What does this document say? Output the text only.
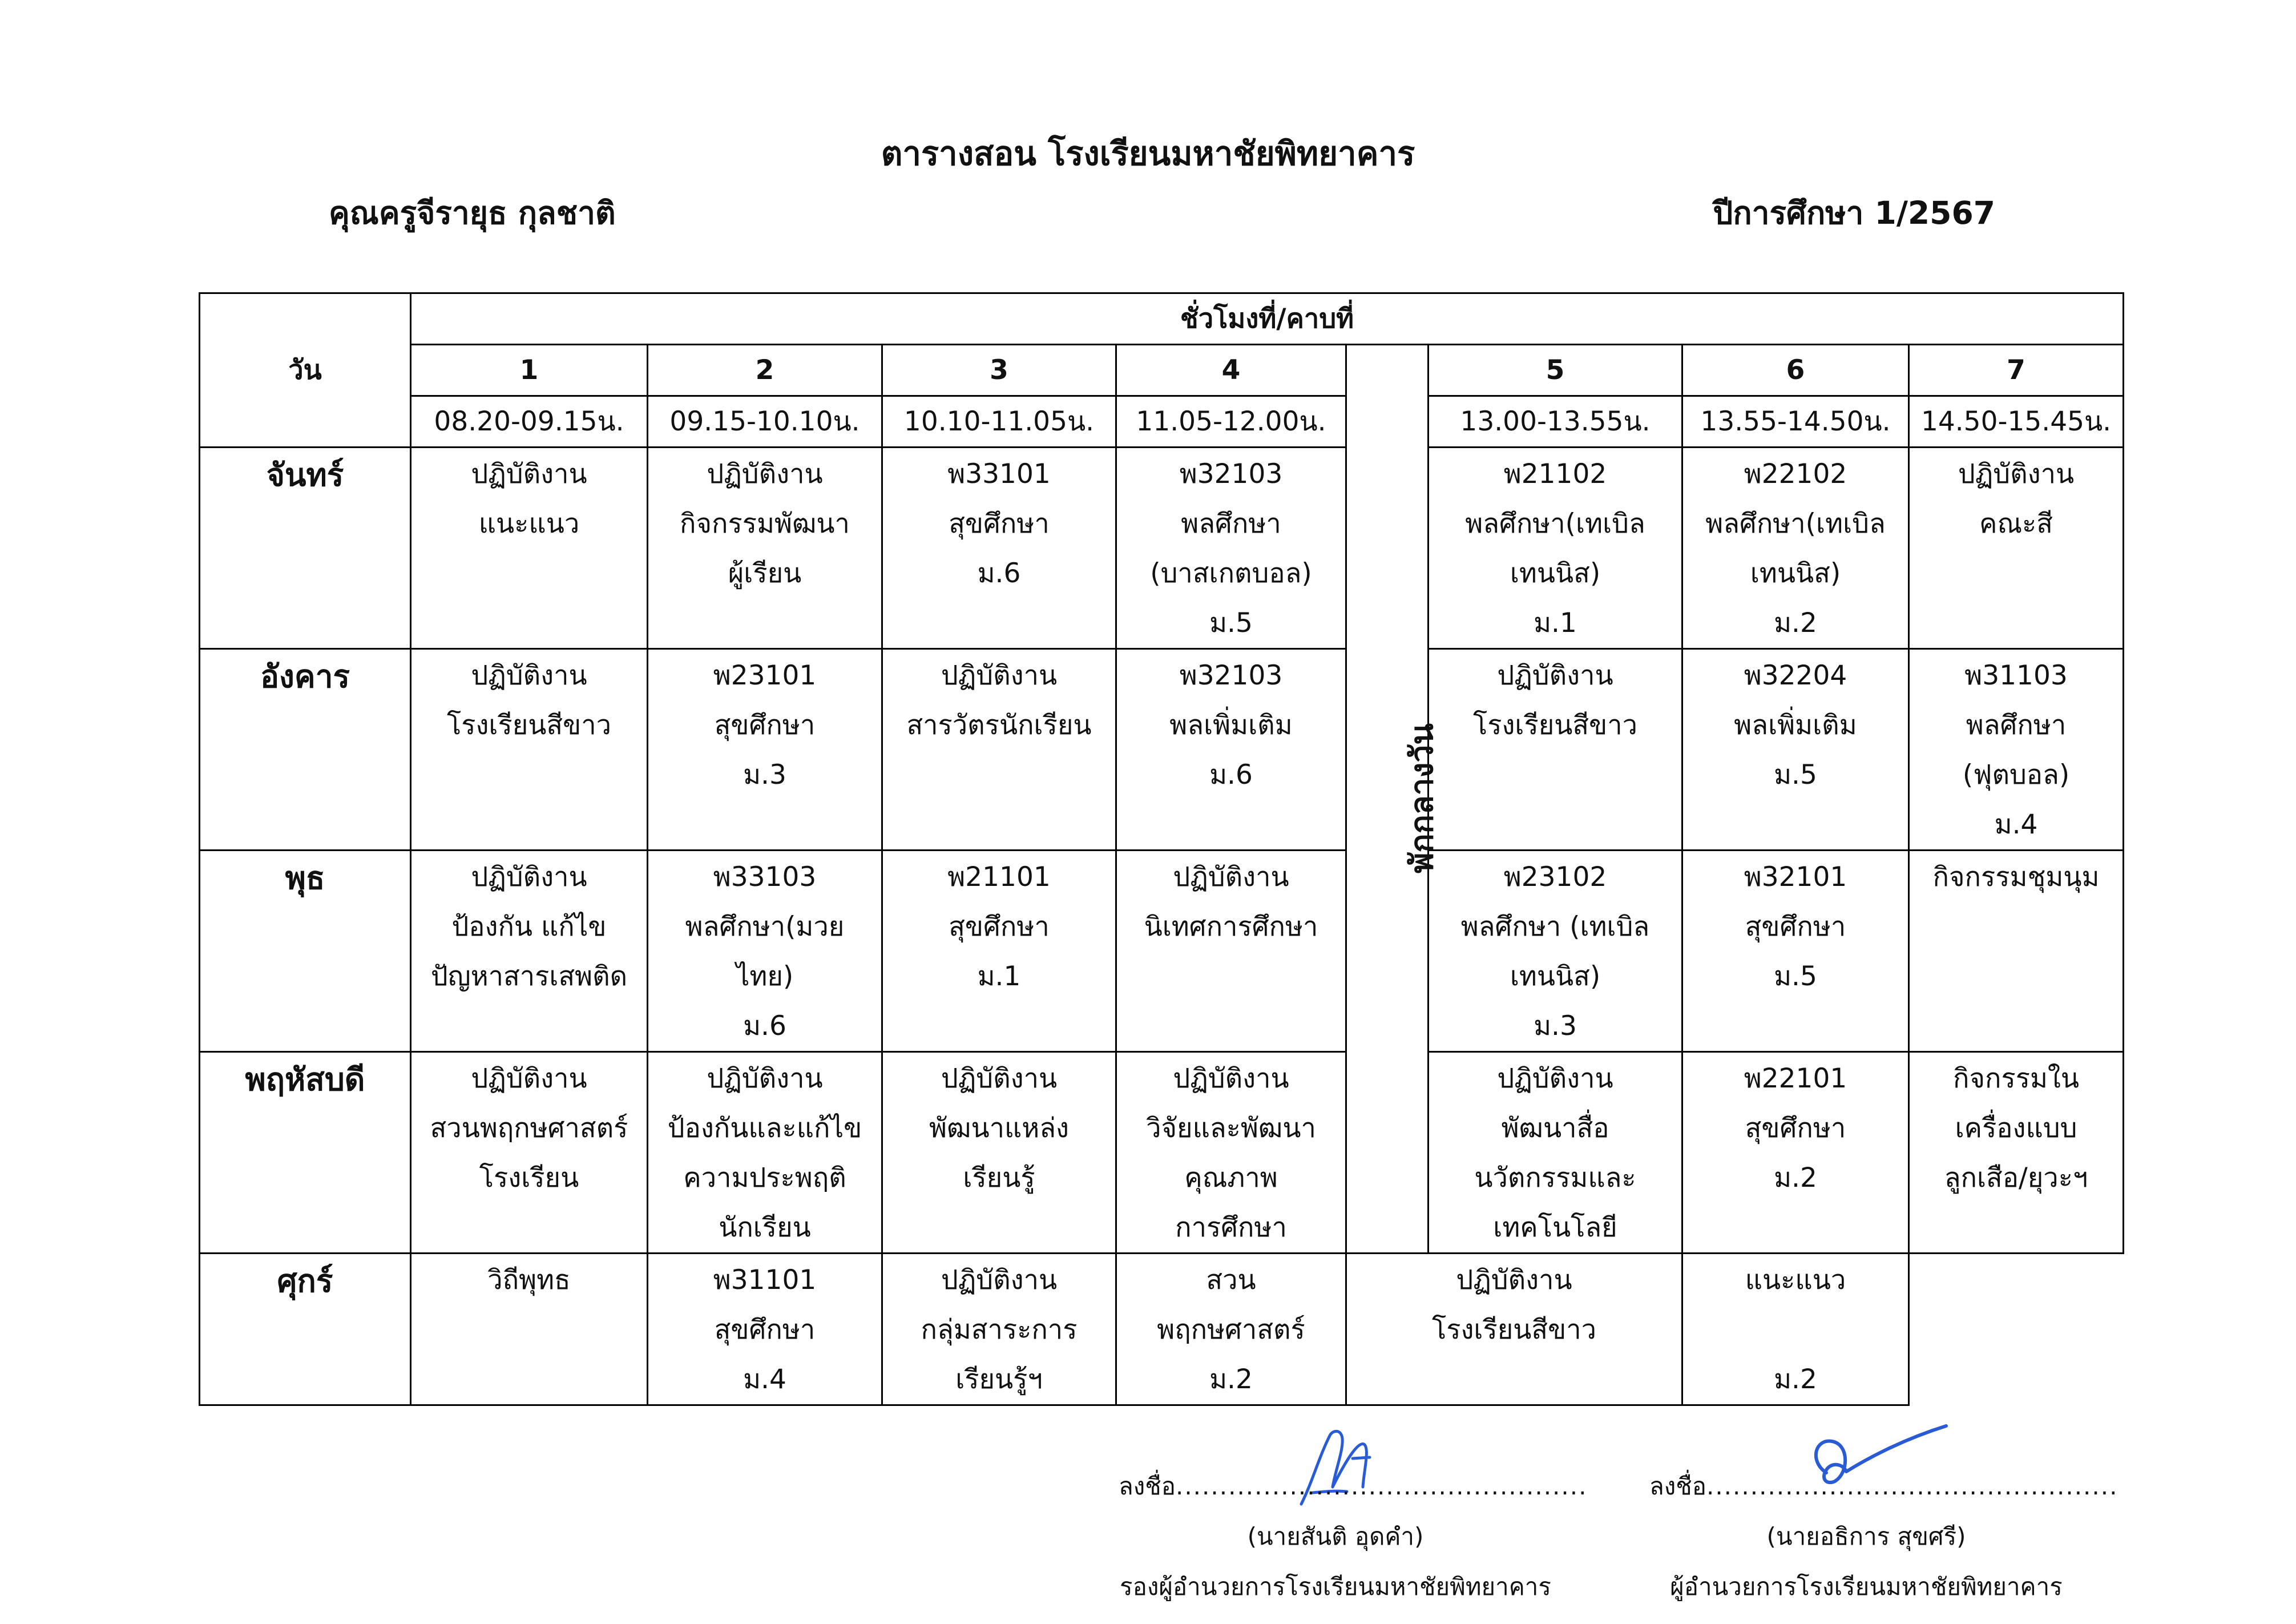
ตารางสอน โรงเรียนมหาชัยพิทยาคาร
คุณครูจีรายุธ กุลชาติ	ปีการศึกษา 1/2567
วัน	ชั่วโมงที่/คาบที่							
	1	2	3	4	พักกลางวัน	5	6	7
	08.20-09.15น.	09.15-10.10น.	10.10-11.05น.	11.05-12.00น.		13.00-13.55น.	13.55-14.50น.	14.50-15.45น.
จันทร์	ปฏิบัติงาน
แนะแนว	ปฏิบัติงาน
กิจกรรมพัฒนา
ผู้เรียน	พ33101
สุขศึกษา
ม.6	พ32103
พลศึกษา
(บาสเกตบอล)
ม.5		พ21102
พลศึกษา(เทเบิล
เทนนิส)
ม.1	พ22102
พลศึกษา(เทเบิล
เทนนิส)
ม.2	ปฏิบัติงาน
คณะสี

อังคาร	ปฏิบัติงาน
โรงเรียนสีขาว	พ23101
สุขศึกษา
ม.3	ปฏิบัติงาน
สารวัตรนักเรียน	พ32103
พลเพิ่มเติม
ม.6		ปฏิบัติงาน
โรงเรียนสีขาว	พ32204
พลเพิ่มเติม
ม.5	พ31103
พลศึกษา
(ฟุตบอล)
ม.4

พุธ	ปฏิบัติงาน
ป้องกัน แก้ไข
ปัญหาสารเสพติด	พ33103
พลศึกษา(มวย
ไทย)
ม.6	พ21101
สุขศึกษา
ม.1	ปฏิบัติงาน
นิเทศการศึกษา		พ23102
พลศึกษา (เทเบิล
เทนนิส)
ม.3	พ32101
สุขศึกษา
ม.5	กิจกรรมชุมนุม

พฤหัสบดี	ปฏิบัติงาน
สวนพฤกษศาสตร์
โรงเรียน	ปฏิบัติงาน
ป้องกันและแก้ไข
ความประพฤติ
นักเรียน	ปฏิบัติงาน
พัฒนาแหล่ง
เรียนรู้	ปฏิบัติงาน
วิจัยและพัฒนา
คุณภาพ
การศึกษา		ปฏิบัติงาน
พัฒนาสื่อ
นวัตกรรมและ
เทคโนโลยี	พ22101
สุขศึกษา
ม.2	กิจกรรมใน
เครื่องแบบ
ลูกเสือ/ยุวะฯ

ศุกร์	วิถีพุทธ	พ31101
สุขศึกษา
ม.4	ปฏิบัติงาน
กลุ่มสาระการ
เรียนรู้ฯ	สวน
พฤกษศาสตร์
ม.2	ปฏิบัติงาน
โรงเรียนสีขาว		แนะแนว
ม.2	
ลงชื่อ...............................................
(นายสันติ อุดคำ)
รองผู้อำนวยการโรงเรียนมหาชัยพิทยาคาร
ลงชื่อ...............................................
(นายอธิการ สุขศรี)
ผู้อำนวยการโรงเรียนมหาชัยพิทยาคาร
